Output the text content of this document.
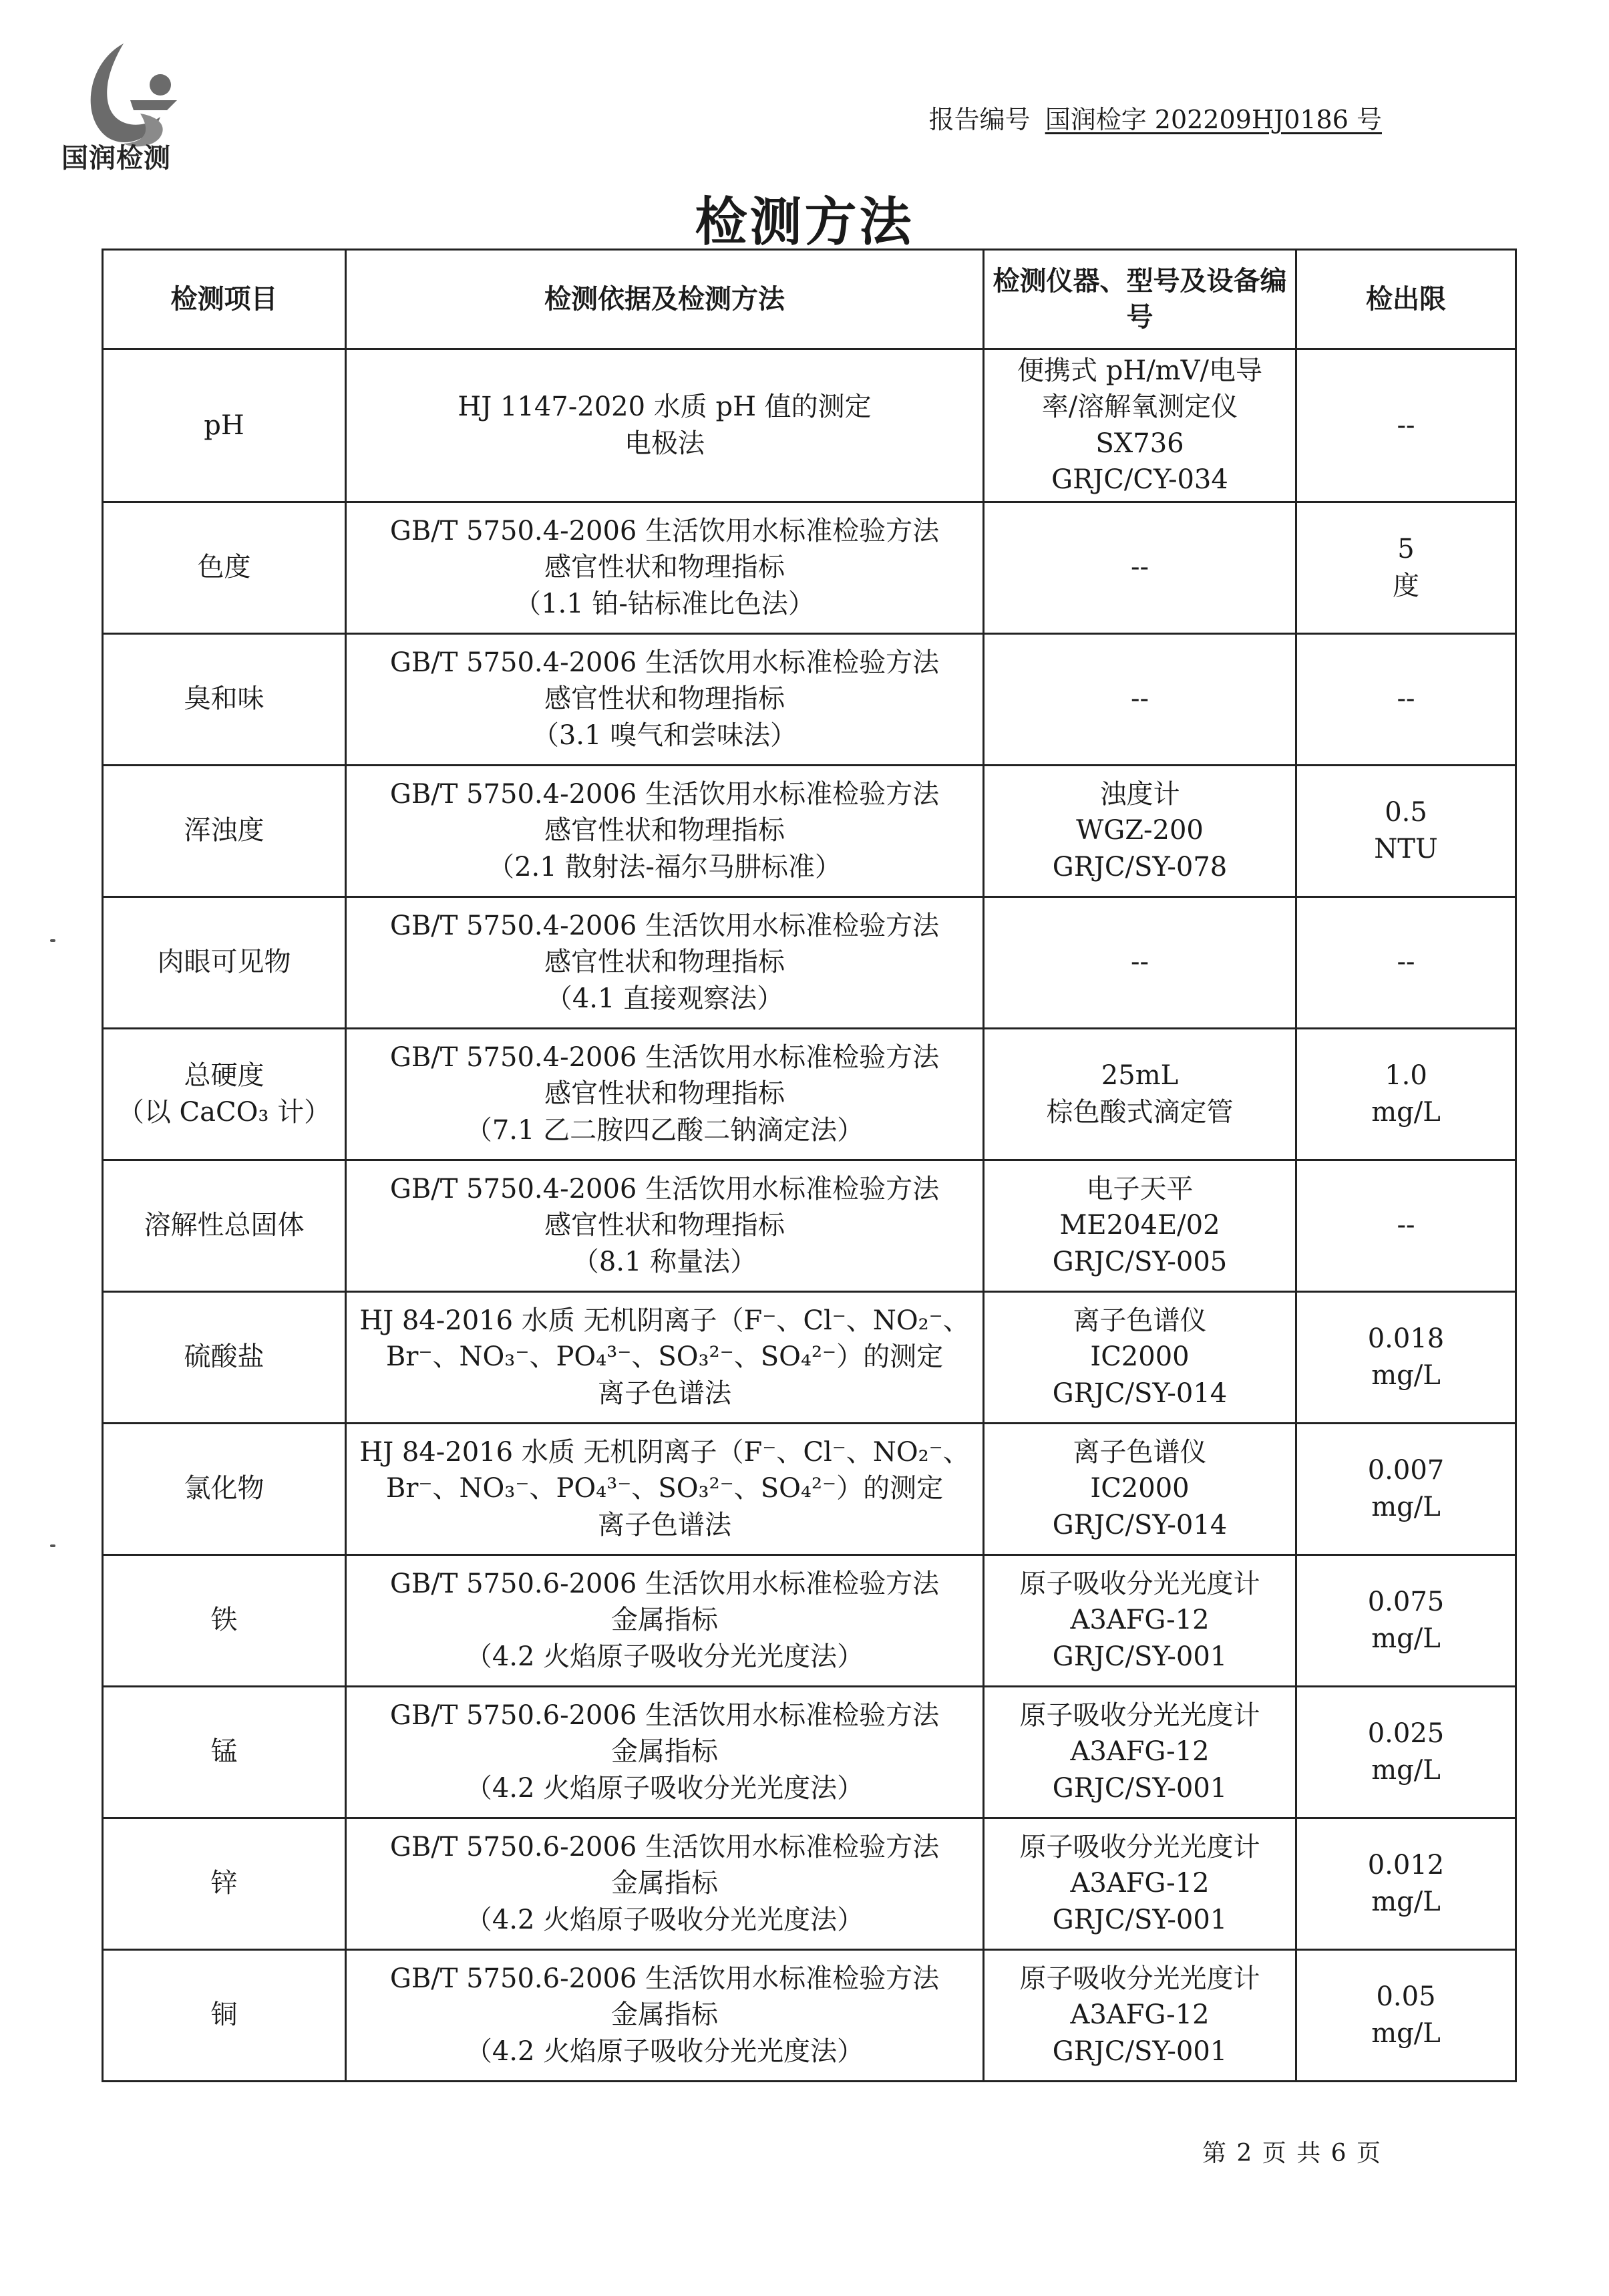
国润检测
报告编号 国润检字 202209HJ0186 号
检测方法
检测项目	检测依据及检测方法	检测仪器、型号及设备编号	检出限

pH	HJ 1147-2020 水质 pH 值的测定
电极法	便携式 pH/mV/电导
率/溶解氧测定仪
SX736
GRJC/CY-034	--

色度	GB/T 5750.4-2006 生活饮用水标准检验方法
感官性状和物理指标
（1.1 铂-钴标准比色法）	--	5
度

臭和味	GB/T 5750.4-2006 生活饮用水标准检验方法
感官性状和物理指标
（3.1 嗅气和尝味法）	--	--

浑浊度	GB/T 5750.4-2006 生活饮用水标准检验方法
感官性状和物理指标
（2.1 散射法-福尔马肼标准）	浊度计
WGZ-200
GRJC/SY-078	0.5
NTU

肉眼可见物	GB/T 5750.4-2006 生活饮用水标准检验方法
感官性状和物理指标
（4.1 直接观察法）	--	--

总硬度
（以 CaCO₃ 计）	GB/T 5750.4-2006 生活饮用水标准检验方法
感官性状和物理指标
（7.1 乙二胺四乙酸二钠滴定法）	25mL
棕色酸式滴定管	1.0
mg/L

溶解性总固体	GB/T 5750.4-2006 生活饮用水标准检验方法
感官性状和物理指标
（8.1 称量法）	电子天平
ME204E/02
GRJC/SY-005	--

硫酸盐	HJ 84-2016 水质 无机阴离子（F⁻、Cl⁻、NO₂⁻、
Br⁻、NO₃⁻、PO₄³⁻、SO₃²⁻、SO₄²⁻）的测定
离子色谱法	离子色谱仪
IC2000
GRJC/SY-014	0.018
mg/L

氯化物	HJ 84-2016 水质 无机阴离子（F⁻、Cl⁻、NO₂⁻、
Br⁻、NO₃⁻、PO₄³⁻、SO₃²⁻、SO₄²⁻）的测定
离子色谱法	离子色谱仪
IC2000
GRJC/SY-014	0.007
mg/L

铁	GB/T 5750.6-2006 生活饮用水标准检验方法
金属指标
（4.2 火焰原子吸收分光光度法）	原子吸收分光光度计
A3AFG-12
GRJC/SY-001	0.075
mg/L

锰	GB/T 5750.6-2006 生活饮用水标准检验方法
金属指标
（4.2 火焰原子吸收分光光度法）	原子吸收分光光度计
A3AFG-12
GRJC/SY-001	0.025
mg/L

锌	GB/T 5750.6-2006 生活饮用水标准检验方法
金属指标
（4.2 火焰原子吸收分光光度法）	原子吸收分光光度计
A3AFG-12
GRJC/SY-001	0.012
mg/L

铜	GB/T 5750.6-2006 生活饮用水标准检验方法
金属指标
（4.2 火焰原子吸收分光光度法）	原子吸收分光光度计
A3AFG-12
GRJC/SY-001	0.05
mg/L
第 2 页 共 6 页
